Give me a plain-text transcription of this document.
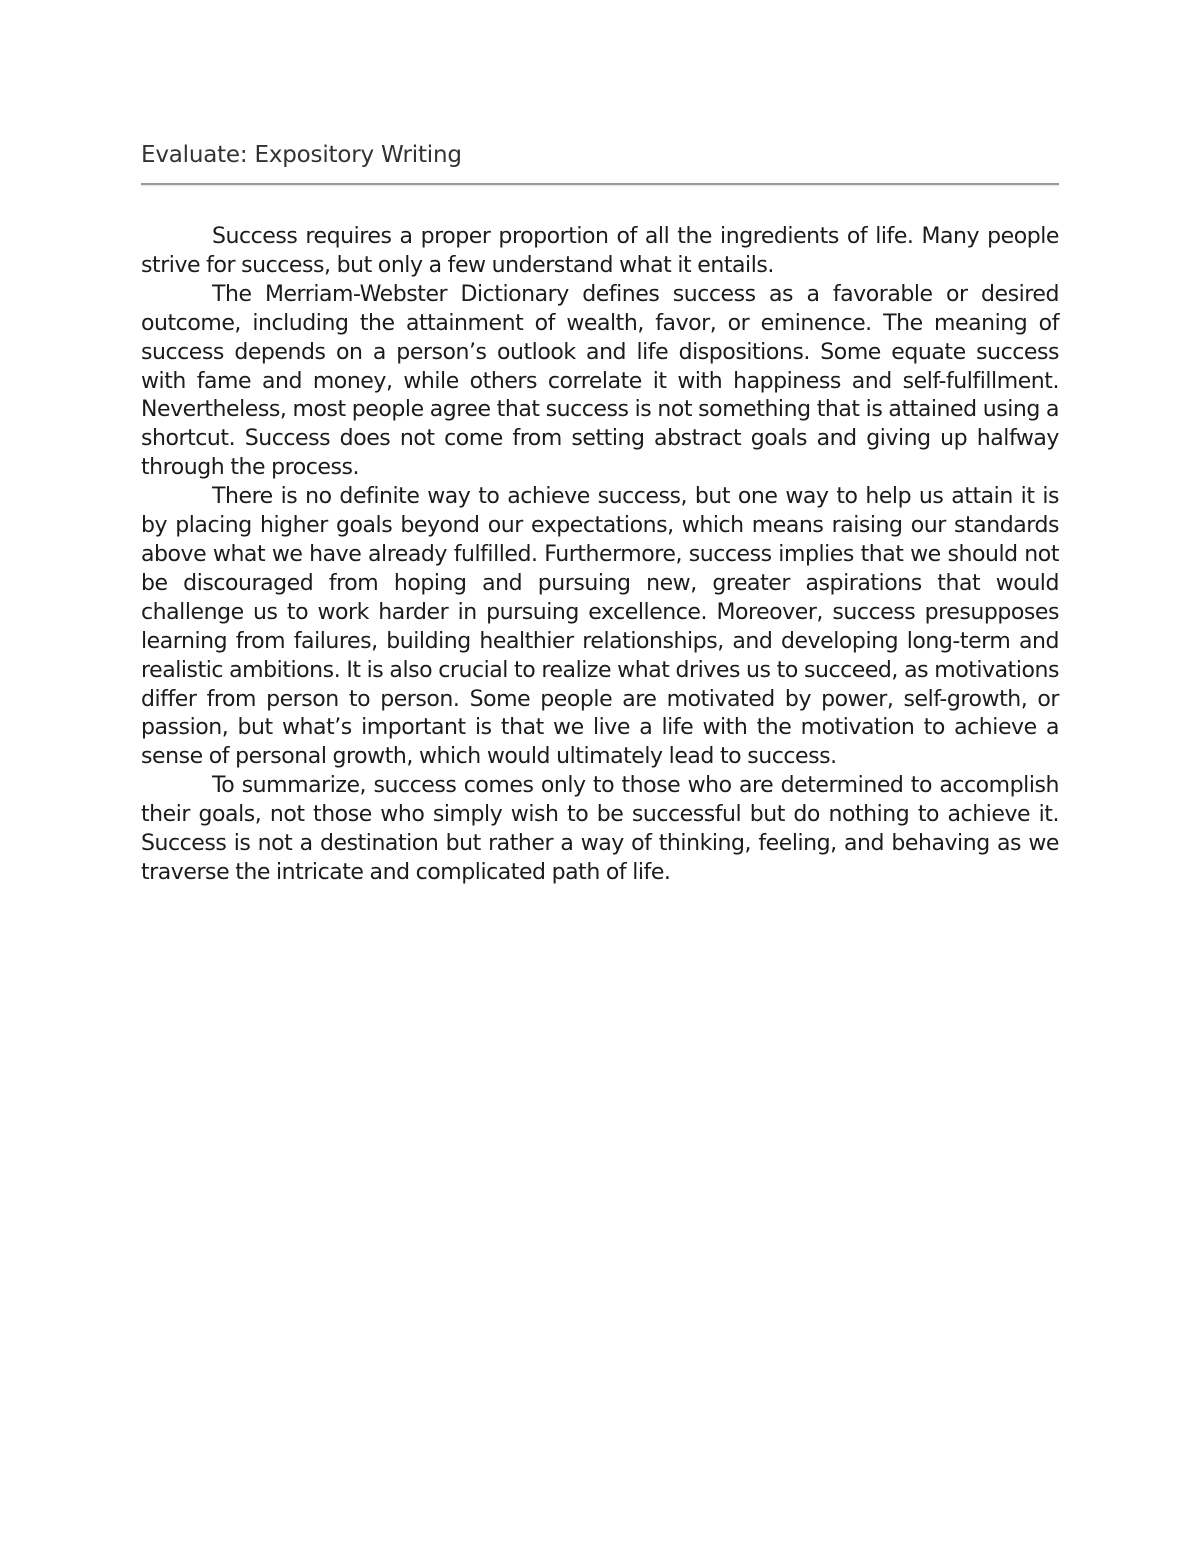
Evaluate: Expository Writing

Success requires a proper proportion of all the ingredients of life. Many people strive for success, but only a few understand what it entails.

The Merriam-Webster Dictionary defines success as a favorable or desired outcome, including the attainment of wealth, favor, or eminence. The meaning of success depends on a person’s outlook and life dispositions. Some equate success with fame and money, while others correlate it with happiness and self-fulfillment. Nevertheless, most people agree that success is not something that is attained using a shortcut. Success does not come from setting abstract goals and giving up halfway through the process.

There is no definite way to achieve success, but one way to help us attain it is by placing higher goals beyond our expectations, which means raising our standards above what we have already fulfilled. Furthermore, success implies that we should not be discouraged from hoping and pursuing new, greater aspirations that would challenge us to work harder in pursuing excellence. Moreover, success presupposes learning from failures, building healthier relationships, and developing long-term and realistic ambitions. It is also crucial to realize what drives us to succeed, as motivations differ from person to person. Some people are motivated by power, self-growth, or passion, but what’s important is that we live a life with the motivation to achieve a sense of personal growth, which would ultimately lead to success.

To summarize, success comes only to those who are determined to accomplish their goals, not those who simply wish to be successful but do nothing to achieve it. Success is not a destination but rather a way of thinking, feeling, and behaving as we traverse the intricate and complicated path of life.
